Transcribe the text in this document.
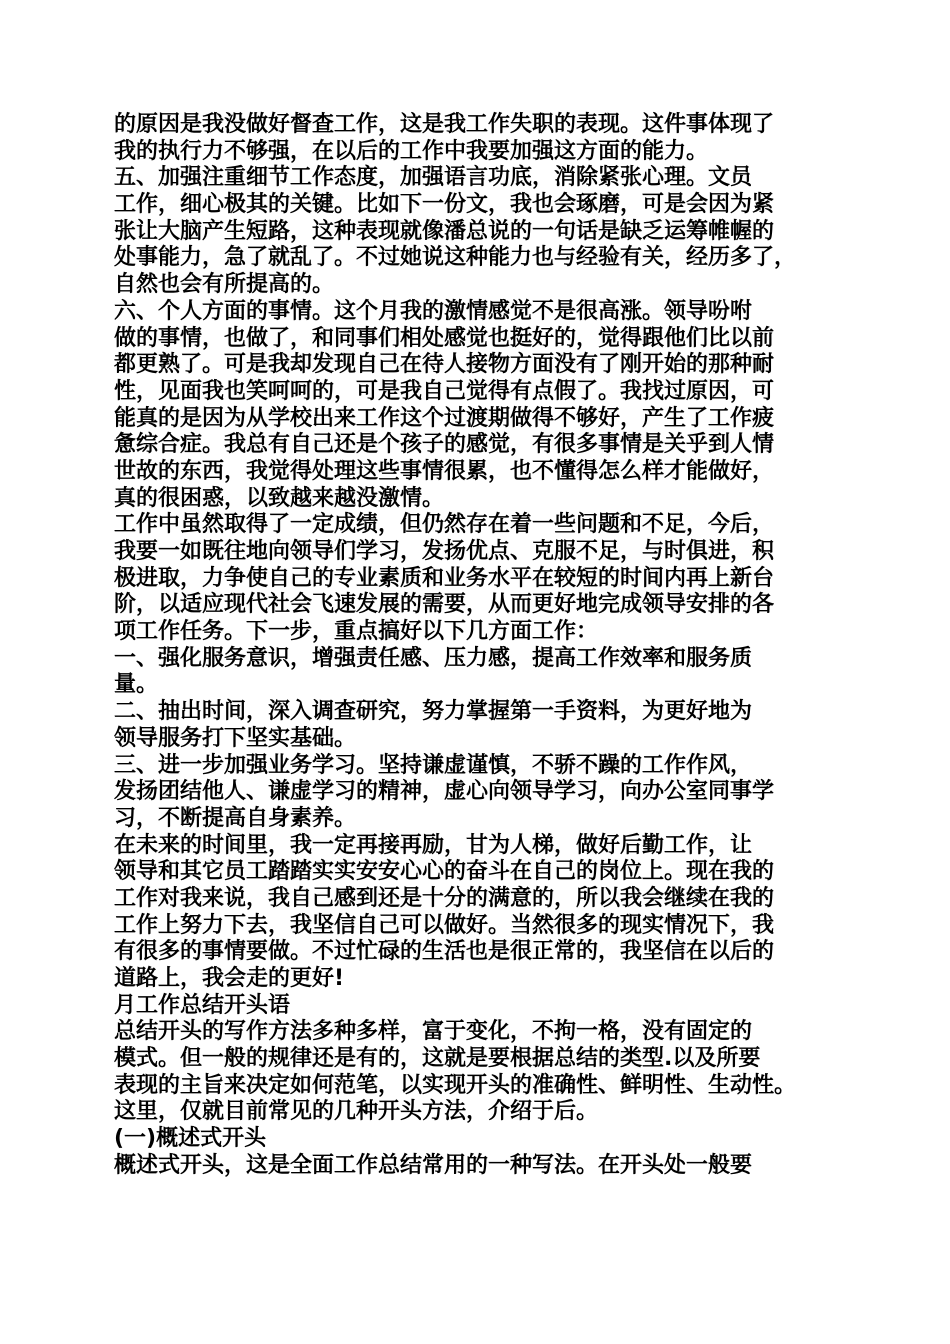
的原因是我没做好督查工作，这是我工作失职的表现。这件事体现了
我的执行力不够强，在以后的工作中我要加强这方面的能力。
五、加强注重细节工作态度，加强语言功底，消除紧张心理。文员
工作，细心极其的关键。比如下一份文，我也会琢磨，可是会因为紧
张让大脑产生短路，这种表现就像潘总说的一句话是缺乏运筹帷幄的
处事能力，急了就乱了。不过她说这种能力也与经验有关，经历多了，
自然也会有所提高的。
六、个人方面的事情。这个月我的激情感觉不是很高涨。领导吩咐
做的事情，也做了，和同事们相处感觉也挺好的，觉得跟他们比以前
都更熟了。可是我却发现自己在待人接物方面没有了刚开始的那种耐
性，见面我也笑呵呵的，可是我自己觉得有点假了。我找过原因，可
能真的是因为从学校出来工作这个过渡期做得不够好，产生了工作疲
惫综合症。我总有自己还是个孩子的感觉，有很多事情是关乎到人情
世故的东西，我觉得处理这些事情很累，也不懂得怎么样才能做好，
真的很困惑，以致越来越没激情。
工作中虽然取得了一定成绩，但仍然存在着一些问题和不足，今后，
我要一如既往地向领导们学习，发扬优点、克服不足，与时俱进，积
极进取，力争使自己的专业素质和业务水平在较短的时间内再上新台
阶，以适应现代社会飞速发展的需要，从而更好地完成领导安排的各
项工作任务。下一步，重点搞好以下几方面工作：
一、强化服务意识，增强责任感、压力感，提高工作效率和服务质
量。
二、抽出时间，深入调查研究，努力掌握第一手资料，为更好地为
领导服务打下坚实基础。
三、进一步加强业务学习。坚持谦虚谨慎，不骄不躁的工作作风，
发扬团结他人、谦虚学习的精神，虚心向领导学习，向办公室同事学
习，不断提高自身素养。
在未来的时间里，我一定再接再励，甘为人梯，做好后勤工作，让
领导和其它员工踏踏实实安安心心的奋斗在自己的岗位上。现在我的
工作对我来说，我自己感到还是十分的满意的，所以我会继续在我的
工作上努力下去，我坚信自己可以做好。当然很多的现实情况下，我
有很多的事情要做。不过忙碌的生活也是很正常的，我坚信在以后的
道路上，我会走的更好!
月工作总结开头语
总结开头的写作方法多种多样，富于变化，不拘一格，没有固定的
模式。但一般的规律还是有的，这就是要根据总结的类型.以及所要
表现的主旨来决定如何范笔，以实现开头的准确性、鲜明性、生动性。
这里，仅就目前常见的几种开头方法，介绍于后。
(一)概述式开头
概述式开头，这是全面工作总结常用的一种写法。在开头处一般要
